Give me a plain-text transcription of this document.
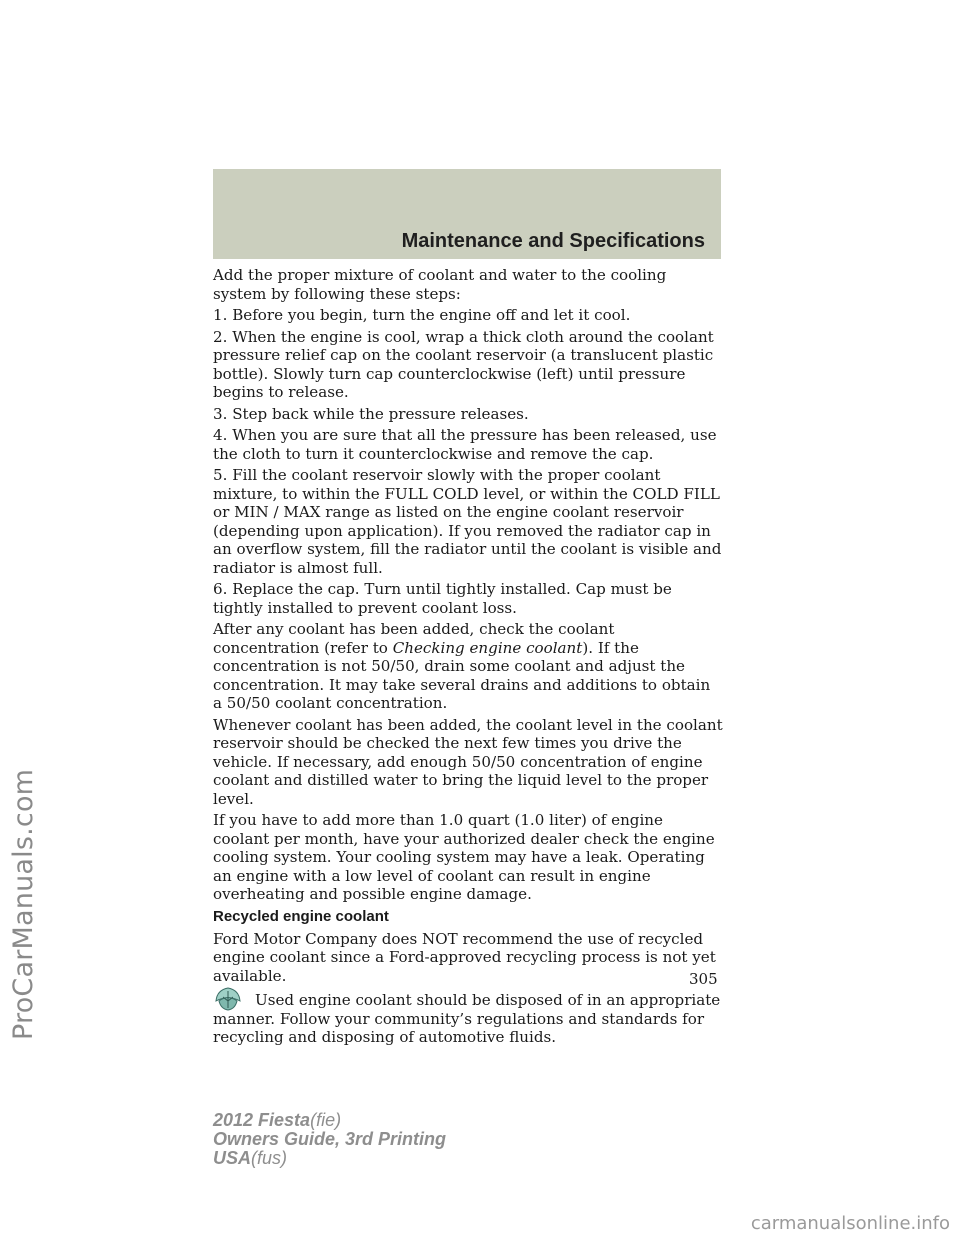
Maintenance and Specifications

Add the proper mixture of coolant and water to the cooling system by following these steps:

1. Before you begin, turn the engine off and let it cool.

2. When the engine is cool, wrap a thick cloth around the coolant pressure relief cap on the coolant reservoir (a translucent plastic bottle). Slowly turn cap counterclockwise (left) until pressure begins to release.

3. Step back while the pressure releases.

4. When you are sure that all the pressure has been released, use the cloth to turn it counterclockwise and remove the cap.

5. Fill the coolant reservoir slowly with the proper coolant mixture, to within the FULL COLD level, or within the COLD FILL or MIN / MAX range as listed on the engine coolant reservoir (depending upon application). If you removed the radiator cap in an overflow system, fill the radiator until the coolant is visible and radiator is almost full.

6. Replace the cap. Turn until tightly installed. Cap must be tightly installed to prevent coolant loss.

After any coolant has been added, check the coolant concentration (refer to Checking engine coolant). If the concentration is not 50/50, drain some coolant and adjust the concentration. It may take several drains and additions to obtain a 50/50 coolant concentration.

Whenever coolant has been added, the coolant level in the coolant reservoir should be checked the next few times you drive the vehicle. If necessary, add enough 50/50 concentration of engine coolant and distilled water to bring the liquid level to the proper level.

If you have to add more than 1.0 quart (1.0 liter) of engine coolant per month, have your authorized dealer check the engine cooling system. Your cooling system may have a leak. Operating an engine with a low level of coolant can result in engine overheating and possible engine damage.

Recycled engine coolant

Ford Motor Company does NOT recommend the use of recycled engine coolant since a Ford-approved recycling process is not yet available.

Used engine coolant should be disposed of in an appropriate
manner. Follow your community’s regulations and standards for recycling and disposing of automotive fluids.
305
ProCarManuals.com
2012 Fiesta(fie)
Owners Guide, 3rd Printing
USA(fus)
carmanualsonline.info
